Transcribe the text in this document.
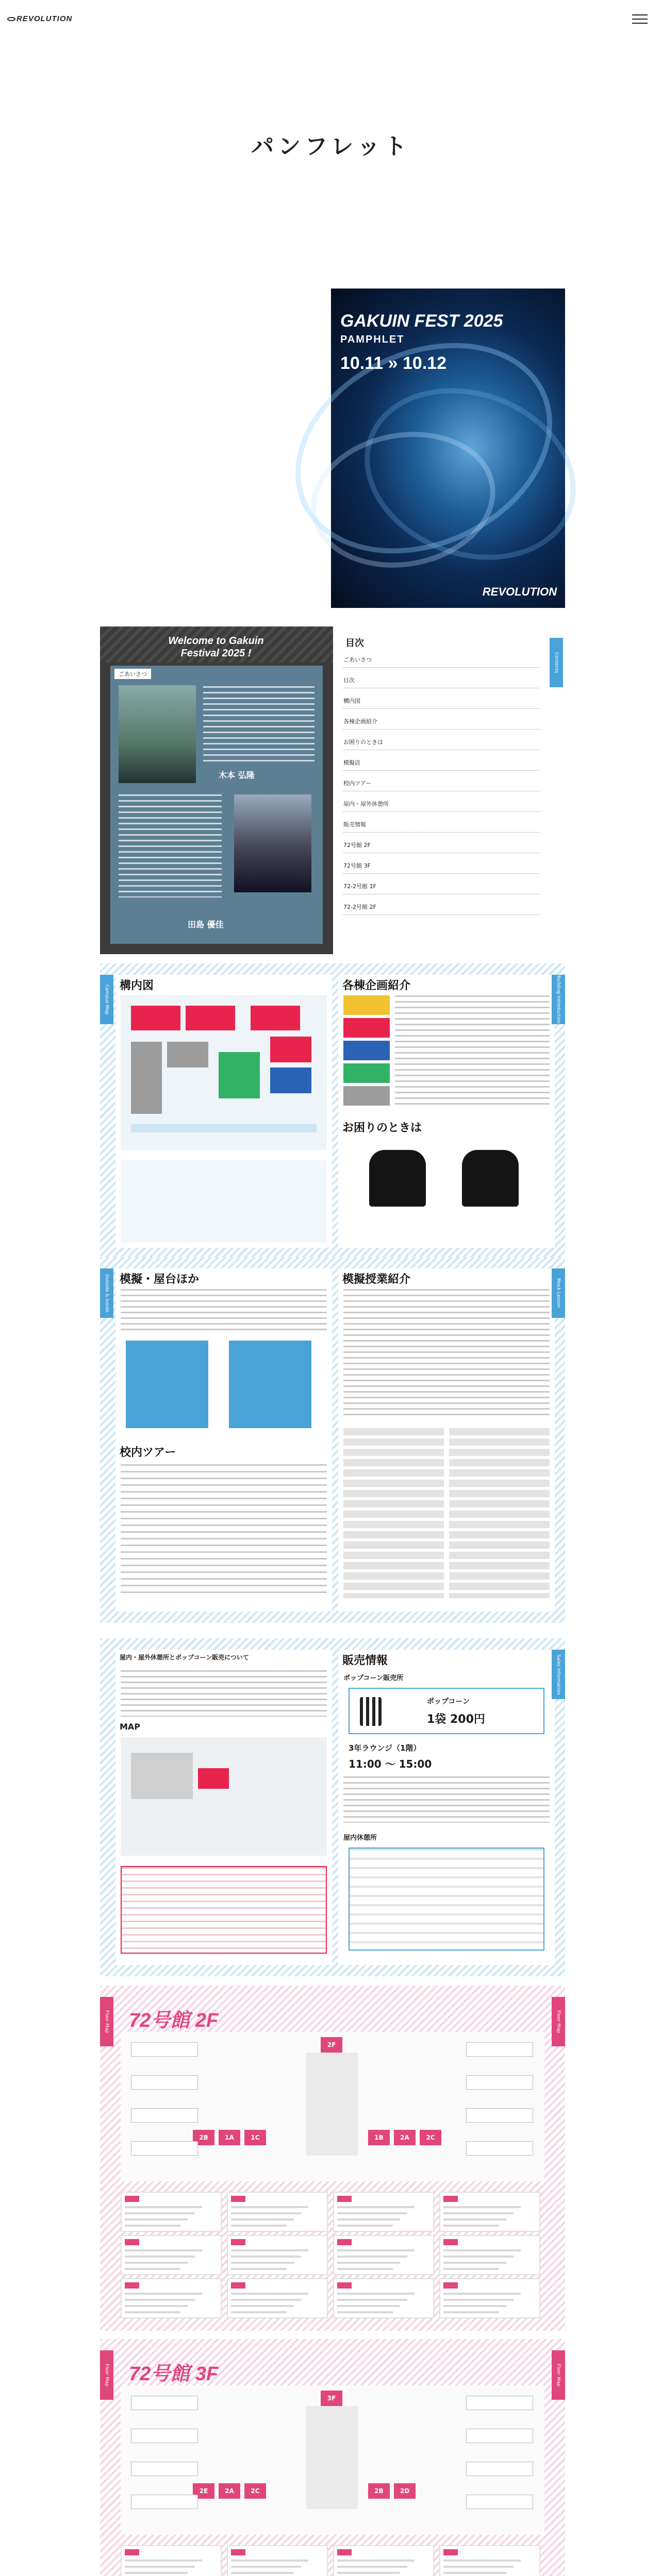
REVOLUTION
パンフレット
GAKUIN FEST 2025
PAMPHLET
10.11 » 10.12
REVOLUTION
Welcome to Gakuin Festival 2025 !
ごあいさつ
木本 弘隆
田島 優佳
目次
ごあいさつ
目次
構内図
各棟企画紹介
お困りのときは
模擬店
校内ツアー
屋内・屋外休憩所
販売情報
72号館 2F
72号館 3F
72-2号館 1F
72-2号館 2F
Contents
構内図	各棟企画紹介
お困りのときは
Campus Map	Building Introduction
模擬・屋台ほか
校内ツアー
模擬授業紹介
Outside & Inside Stall	Mock Lesson
屋内・屋外休憩所とポップコーン販売について
MAP
販売情報
ポップコーン販売所
ポップコーン
1袋 200円
3年ラウンジ（1階）
11:00 ～ 15:00
屋内休憩所
Sales Information
72号館 2F
Floor Map	Floor Map
2F
1C	1B
1A	2A
2B	2C
72号館 3F
Floor Map	Floor Map
3F
2C	2B
2A	2D
2E
